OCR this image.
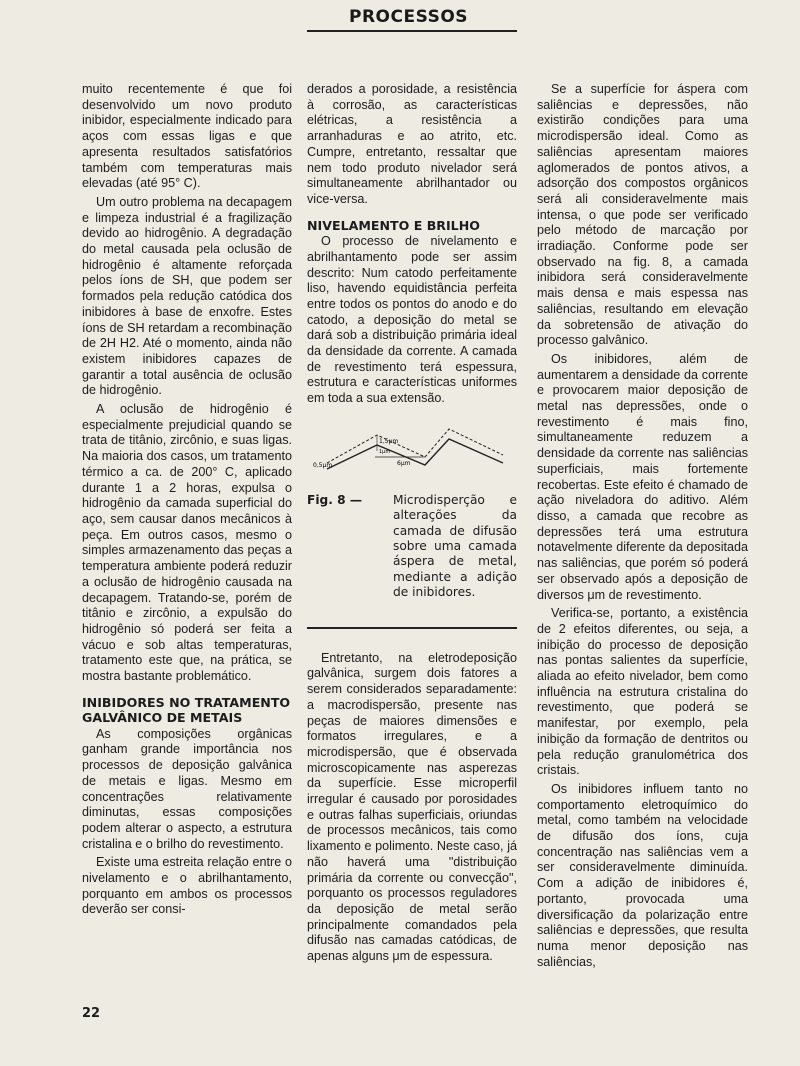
PROCESSOS

muito recentemente é que foi desenvolvido um novo produto inibidor, especialmente indicado para aços com essas ligas e que apresenta resultados satisfatórios também com temperaturas mais elevadas (até 95° C).

Um outro problema na decapagem e limpeza industrial é a fragilização devido ao hidrogênio. A degradação do metal causada pela oclusão de hidrogênio é altamente reforçada pelos íons de SH, que podem ser formados pela redução catódica dos inibidores à base de enxofre. Estes íons de SH retardam a recombinação de 2H H2. Até o momento, ainda não existem inibidores capazes de garantir a total ausência de oclusão de hidrogênio.

A oclusão de hidrogênio é especialmente prejudicial quando se trata de titânio, zircônio, e suas ligas. Na maioria dos casos, um tratamento térmico a ca. de 200° C, aplicado durante 1 a 2 horas, expulsa o hidrogênio da camada superficial do aço, sem causar danos mecânicos à peça. Em outros casos, mesmo o simples armazenamento das peças a temperatura ambiente poderá reduzir a oclusão de hidrogênio causada na decapagem. Tratando-se, porém de titânio e zircônio, a expulsão do hidrogênio só poderá ser feita a vácuo e sob altas temperaturas, tratamento este que, na prática, se mostra bastante problemático.

INIBIDORES NO TRATAMENTO GALVÂNICO DE METAIS

As composições orgânicas ganham grande importância nos processos de deposição galvânica de metais e ligas. Mesmo em concentrações relativamente diminutas, essas composições podem alterar o aspecto, a estrutura cristalina e o brilho do revestimento.

Existe uma estreita relação entre o nivelamento e o abrilhantamento, porquanto em ambos os processos deverão ser consi-

derados a porosidade, a resistência à corrosão, as características elétricas, a resistência a arranhaduras e ao atrito, etc. Cumpre, entretanto, ressaltar que nem todo produto nivelador será simultaneamente abrilhantador ou vice-versa.

NIVELAMENTO E BRILHO

O processo de nivelamento e abrilhantamento pode ser assim descrito: Num catodo perfeitamente liso, havendo equidistância perfeita entre todos os pontos do anodo e do catodo, a deposição do metal se dará sob a distribuição primária ideal da densidade da corrente. A camada de revestimento terá espessura, estrutura e características uniformes em toda a sua extensão.

0,5μm
1,5μm
1μm
6μm
Fig. 8 —	Microdisperção e alterações da camada de difusão sobre uma camada áspera de metal, mediante a adição de inibidores.

Entretanto, na eletrodeposição galvânica, surgem dois fatores a serem considerados separadamente: a macrodispersão, presente nas peças de maiores dimensões e formatos irregulares, e a microdispersão, que é observada microscopicamente nas asperezas da superfície. Esse microperfil irregular é causado por porosidades e outras falhas superficiais, oriundas de processos mecânicos, tais como lixamento e polimento. Neste caso, já não haverá uma "distribuição primária da corrente ou convecção", porquanto os processos reguladores da deposição de metal serão principalmente comandados pela difusão nas camadas catódicas, de apenas alguns μm de espessura.

Se a superfície for áspera com saliências e depressões, não existirão condições para uma microdispersão ideal. Como as saliências apresentam maiores aglomerados de pontos ativos, a adsorção dos compostos orgânicos será ali consideravelmente mais intensa, o que pode ser verificado pelo método de marcação por irradiação. Conforme pode ser observado na fig. 8, a camada inibidora será consideravelmente mais densa e mais espessa nas saliências, resultando em elevação da sobretensão de ativação do processo galvânico.

Os inibidores, além de aumentarem a densidade da corrente e provocarem maior deposição de metal nas depressões, onde o revestimento é mais fino, simultaneamente reduzem a densidade da corrente nas saliências superficiais, mais fortemente recobertas. Este efeito é chamado de ação niveladora do aditivo. Além disso, a camada que recobre as depressões terá uma estrutura notavelmente diferente da depositada nas saliências, que porém só poderá ser observado após a deposição de diversos μm de revestimento.

Verifica-se, portanto, a existência de 2 efeitos diferentes, ou seja, a inibição do processo de deposição nas pontas salientes da superfície, aliada ao efeito nivelador, bem como influência na estrutura cristalina do revestimento, que poderá se manifestar, por exemplo, pela inibição da formação de dentritos ou pela redução granulométrica dos cristais.

Os inibidores influem tanto no comportamento eletroquímico do metal, como também na velocidade de difusão dos íons, cuja concentração nas saliências vem a ser consideravelmente diminuída. Com a adição de inibidores é, portanto, provocada uma diversificação da polarização entre saliências e depressões, que resulta numa menor deposição nas saliências,

22
